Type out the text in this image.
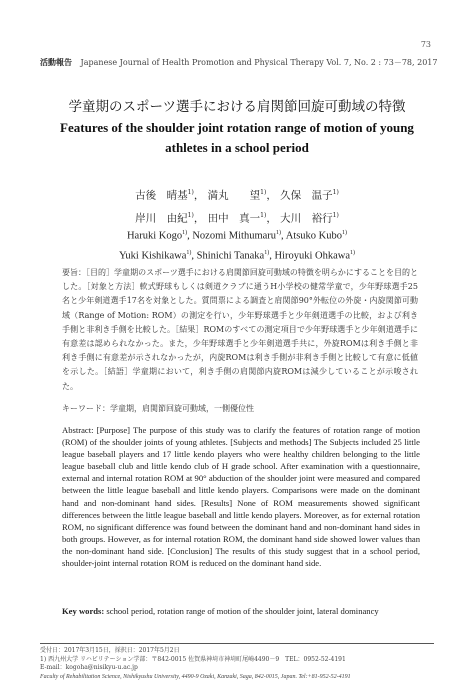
73
活動報告 Japanese Journal of Health Promotion and Physical Therapy Vol. 7, No. 2 : 73－78, 2017
学童期のスポーツ選手における肩関節回旋可動域の特徴
Features of the shoulder joint rotation range of motion of young athletes in a school period
古後　晴基$^{1)}$， 満丸　　望$^{1)}$， 久保　温子$^{1)}$
岸川　由紀$^{1)}$， 田中　真一$^{1)}$， 大川　裕行$^{1)}$
Haruki Kogo$^{1)}$, Nozomi Mithumaru$^{1)}$, Atsuko Kubo$^{1)}$
Yuki Kishikawa$^{1)}$, Shinichi Tanaka$^{1)}$, Hiroyuki Ohkawa$^{1)}$
要旨：［目的］学童期のスポーツ選手における肩関節回旋可動域の特徴を明らかにすることを目的とした。［対象と方法］軟式野球もしくは剣道クラブに通うH小学校の健常学童で，少年野球選手25名と少年剣道選手17名を対象とした。質問票による調査と肩関節90°外転位の外旋・内旋関節可動域（Range of Motion: ROM）の測定を行い，少年野球選手と少年剣道選手の比較，および利き手側と非利き手側を比較した。［結果］ROMのすべての測定項目で少年野球選手と少年剣道選手に有意差は認められなかった。また，少年野球選手と少年剣道選手共に，外旋ROMは利き手側と非利き手側に有意差が示されなかったが，内旋ROMは利き手側が非利き手側と比較して有意に低値を示した。［結語］学童期において，利き手側の肩関節内旋ROMは減少していることが示唆された。
キーワード：学童期，肩関節回旋可動域，一側優位性
Abstract: [Purpose] The purpose of this study was to clarify the features of rotation range of motion (ROM) of the shoulder joints of young athletes. [Subjects and methods] The Subjects included 25 little league baseball players and 17 little kendo players who were healthy children belonging to the little league baseball club and little kendo club of H grade school. After examination with a questionnaire, external and internal rotation ROM at 90° abduction of the shoulder joint were measured and compared between the little league baseball and little kendo players. Comparisons were made on the dominant hand and non-dominant hand sides. [Results] None of ROM measurements showed significant differences between the little league baseball and little kendo players. Moreover, as for external rotation ROM, no significant difference was found between the dominant hand and non-dominant hand sides in both groups. However, as for internal rotation ROM, the dominant hand side showed lower values than the non-dominant hand side. [Conclusion] The results of this study suggest that in a school period, shoulder-joint internal rotation ROM is reduced on the dominant hand side.
Key words: school period, rotation range of motion of the shoulder joint, lateral dominancy
受付日：2017年3月15日，採択日：2017年5月2日
1) 西九州大学 リハビリテーション学部：〒842-0015 佐賀県神埼市神埼町尾崎4490－9　TEL：0952-52-4191
E-mail：kogoha@nisikyu-u.ac.jp
Faculty of Rehabilitation Science, Nishikyushu University, 4490-9 Ozaki, Kanzaki, Saga, 842-0015, Japan. Tel:+81-952-52-4191
